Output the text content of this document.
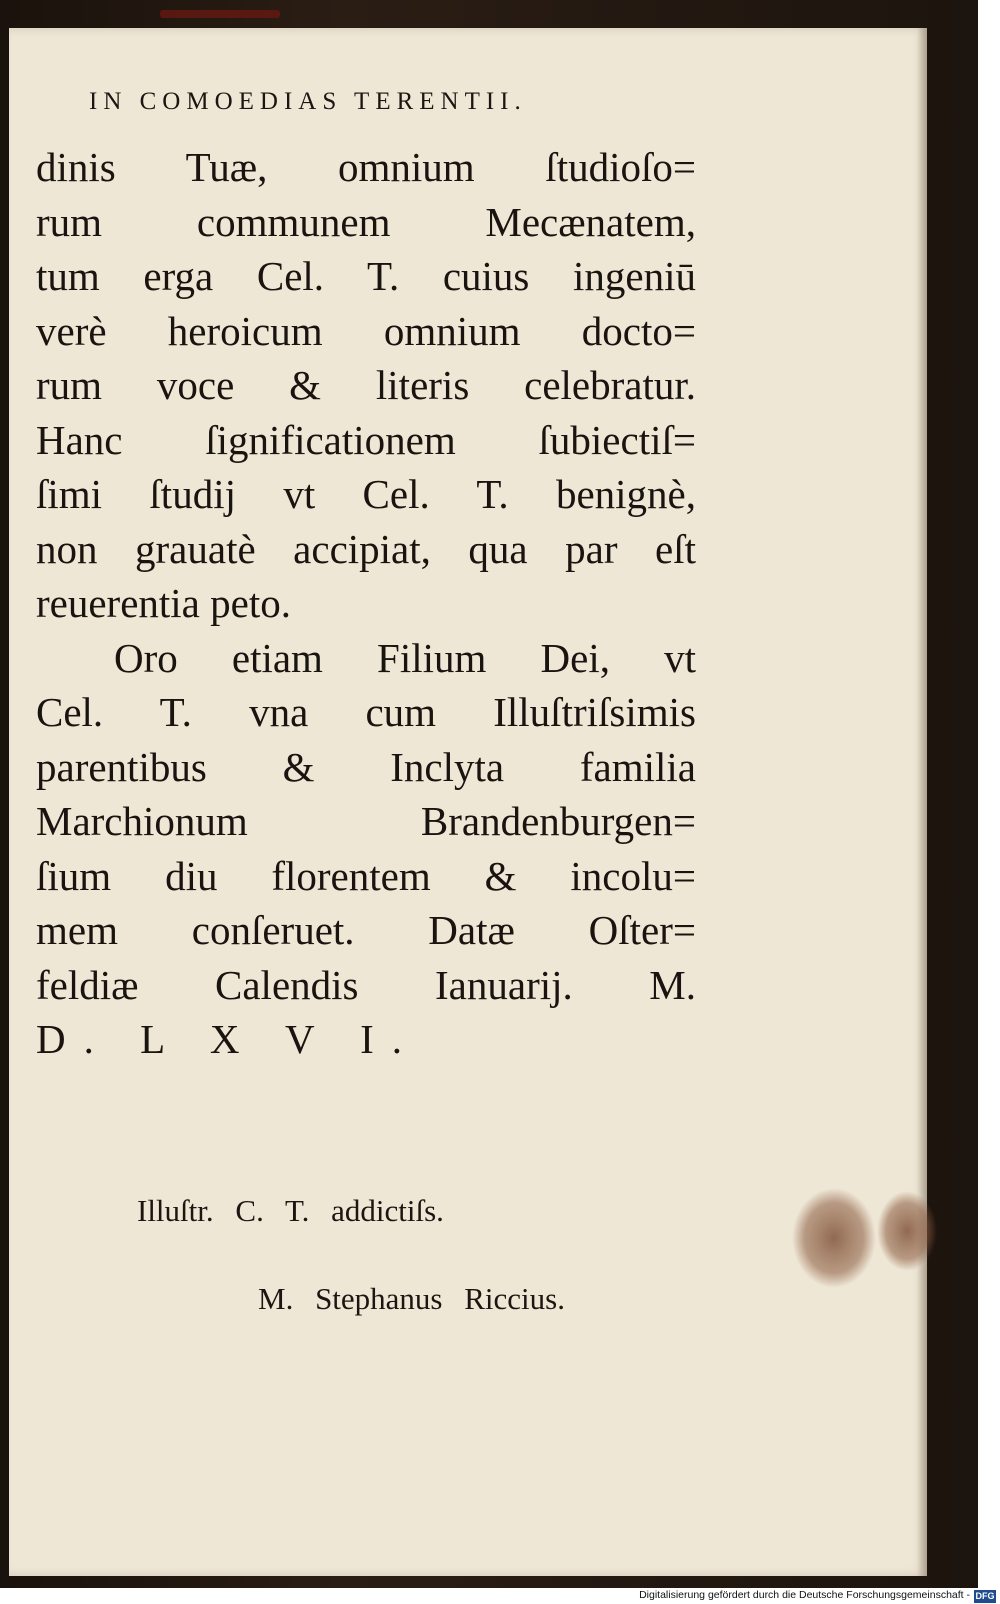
IN COMOEDIAS TERENTII.
dinis Tuæ, omnium ſtudioſo=
rum communem Mecænatem,
tum erga Cel. T. cuius ingeniū
verè heroicum omnium docto=
rum voce & literis celebratur.
Hanc ſignificationem ſubiectiſ=
ſimi ſtudij vt Cel. T. benignè,
non grauatè accipiat, qua par eſt
reuerentia peto.
Oro etiam Filium Dei, vt
Cel. T. vna cum Illuſtriſsimis
parentibus & Inclyta familia
Marchionum Brandenburgen=
ſium diu florentem & incolu=
mem conſeruet. Datæ Oſter=
feldiæ Calendis Ianuarij. M.
D. L X V I.
Illuſtr. C. T. addictiſs.
M. Stephanus Riccius.
Digitalisierung gefördert durch die Deutsche Forschungsgemeinschaft - DFG
